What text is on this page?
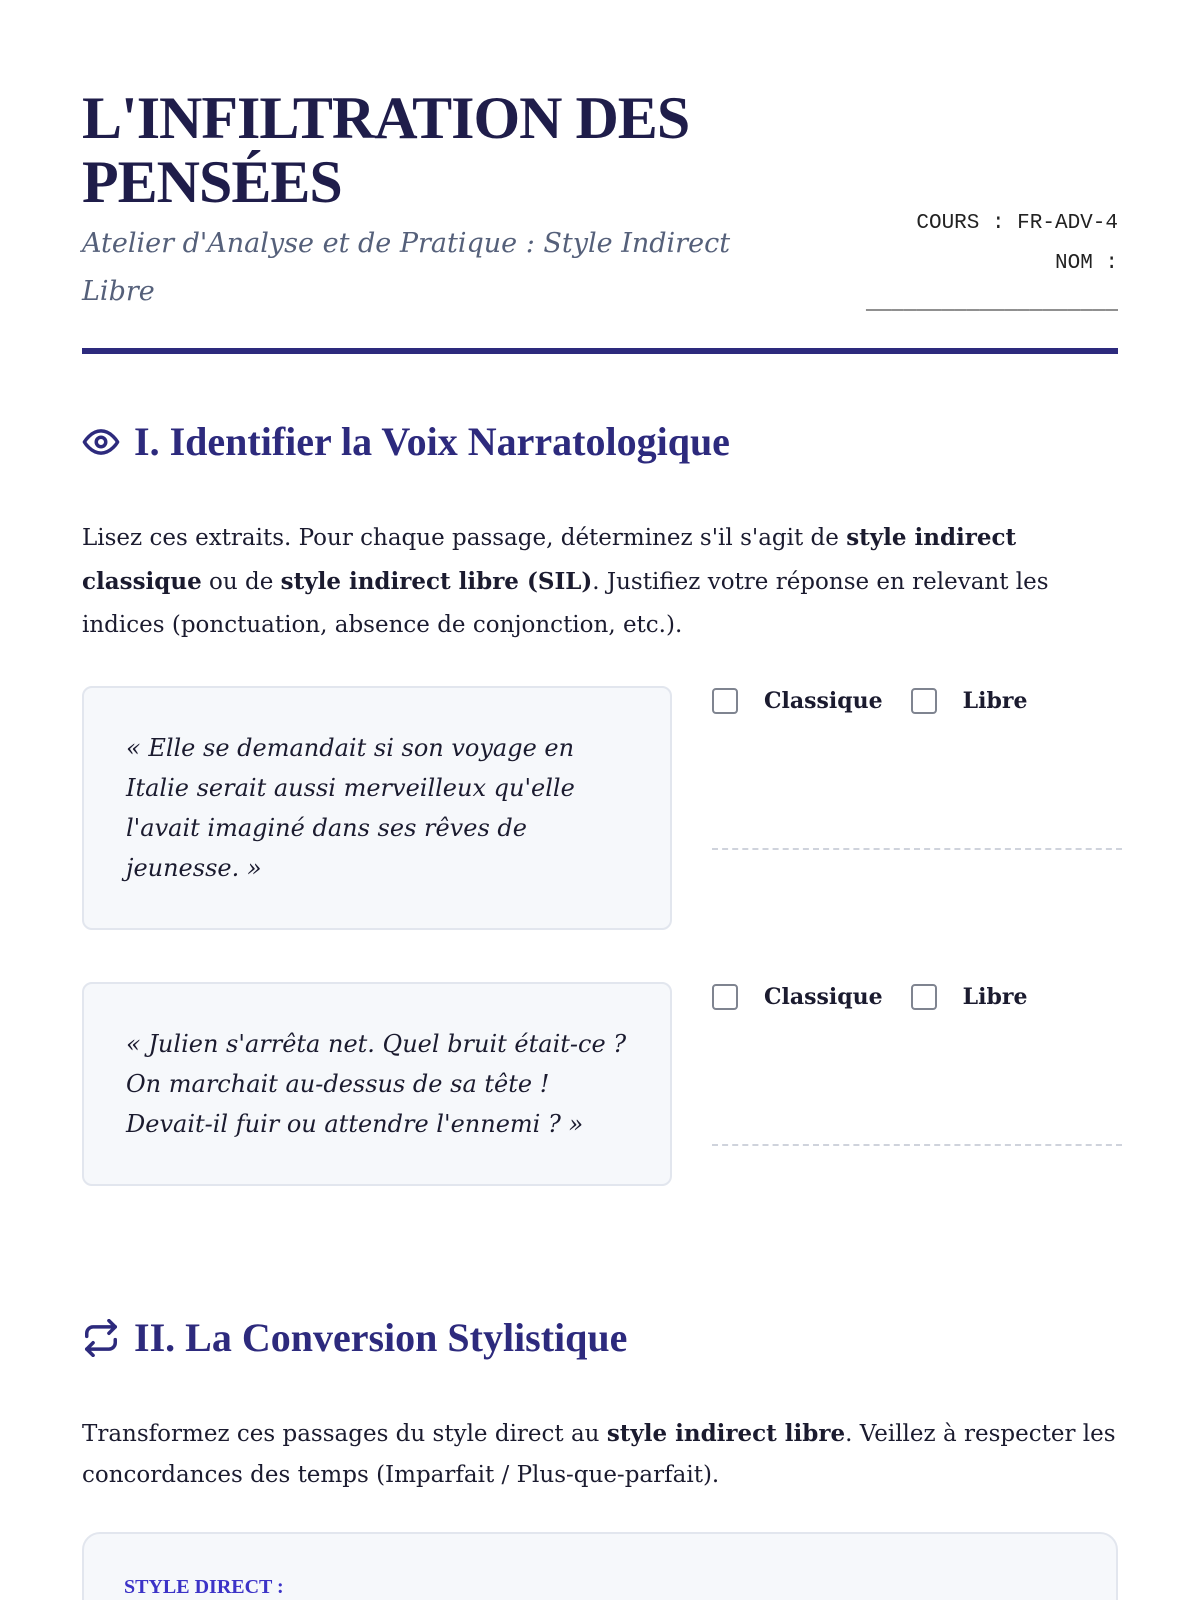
L'INFILTRATION DES
PENSÉES
Atelier d'Analyse et de Pratique : Style Indirect Libre
COURS : FR-ADV-4
NOM :
____________________
I. Identifier la Voix Narratologique

Lisez ces extraits. Pour chaque passage, déterminez s'il s'agit de style indirect classique ou de style indirect libre (SIL). Justifiez votre réponse en relevant les indices (ponctuation, absence de conjonction, etc.).

« Elle se demandait si son voyage en Italie serait aussi merveilleux qu'elle l'avait imaginé dans ses rêves de jeunesse. »
Classique	Libre
« Julien s'arrêta net. Quel bruit était-ce ? On marchait au-dessus de sa tête ! Devait-il fuir ou attendre l'ennemi ? »
Classique	Libre
II. La Conversion Stylistique

Transformez ces passages du style direct au style indirect libre. Veillez à respecter les concordances des temps (Imparfait / Plus-que-parfait).

STYLE DIRECT :
